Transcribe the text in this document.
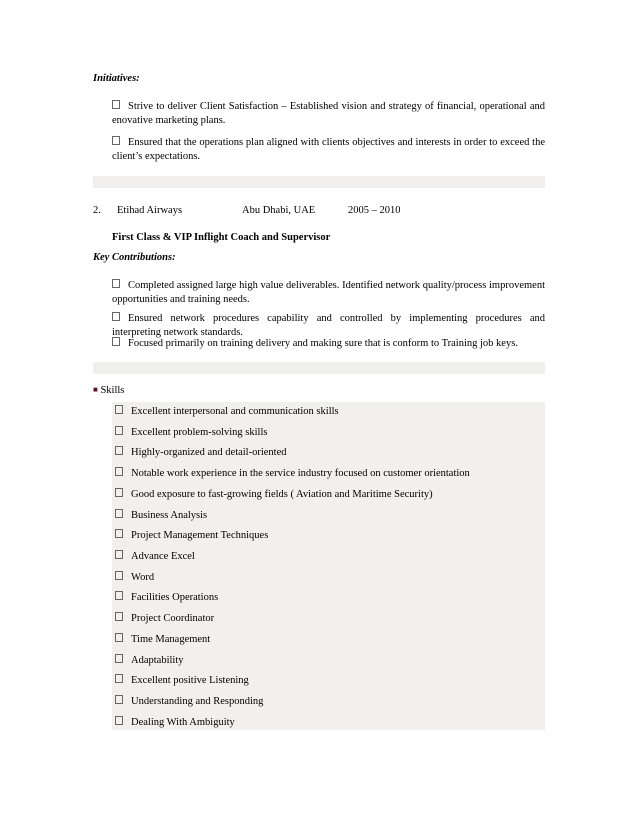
Initiatives:
Strive to deliver Client Satisfaction – Established vision and strategy of financial, operational and enovative marketing plans.
Ensured that the operations plan aligned with clients objectives and interests in order to exceed the client’s expectations.
2. Etihad Airways	Abu Dhabi, UAE	2005 – 2010
First Class & VIP Inflight Coach and Supervisor
Key Contributions:
Completed assigned large high value deliverables. Identified network quality/process improvement opportunities and training needs.
Ensured network procedures capability and controlled by implementing procedures and interpreting network standards.
Focused primarily on training delivery and making sure that is conform to Training job keys.
■ Skills
Excellent interpersonal and communication skills
Excellent problem-solving skills
Highly-organized and detail-oriented
Notable work experience in the service industry focused on customer orientation
Good exposure to fast-growing fields ( Aviation and Maritime Security)
Business Analysis
Project Management Techniques
Advance Excel
Word
Facilities Operations
Project Coordinator
Time Management
Adaptability
Excellent positive Listening
Understanding and Responding
Dealing With Ambiguity
